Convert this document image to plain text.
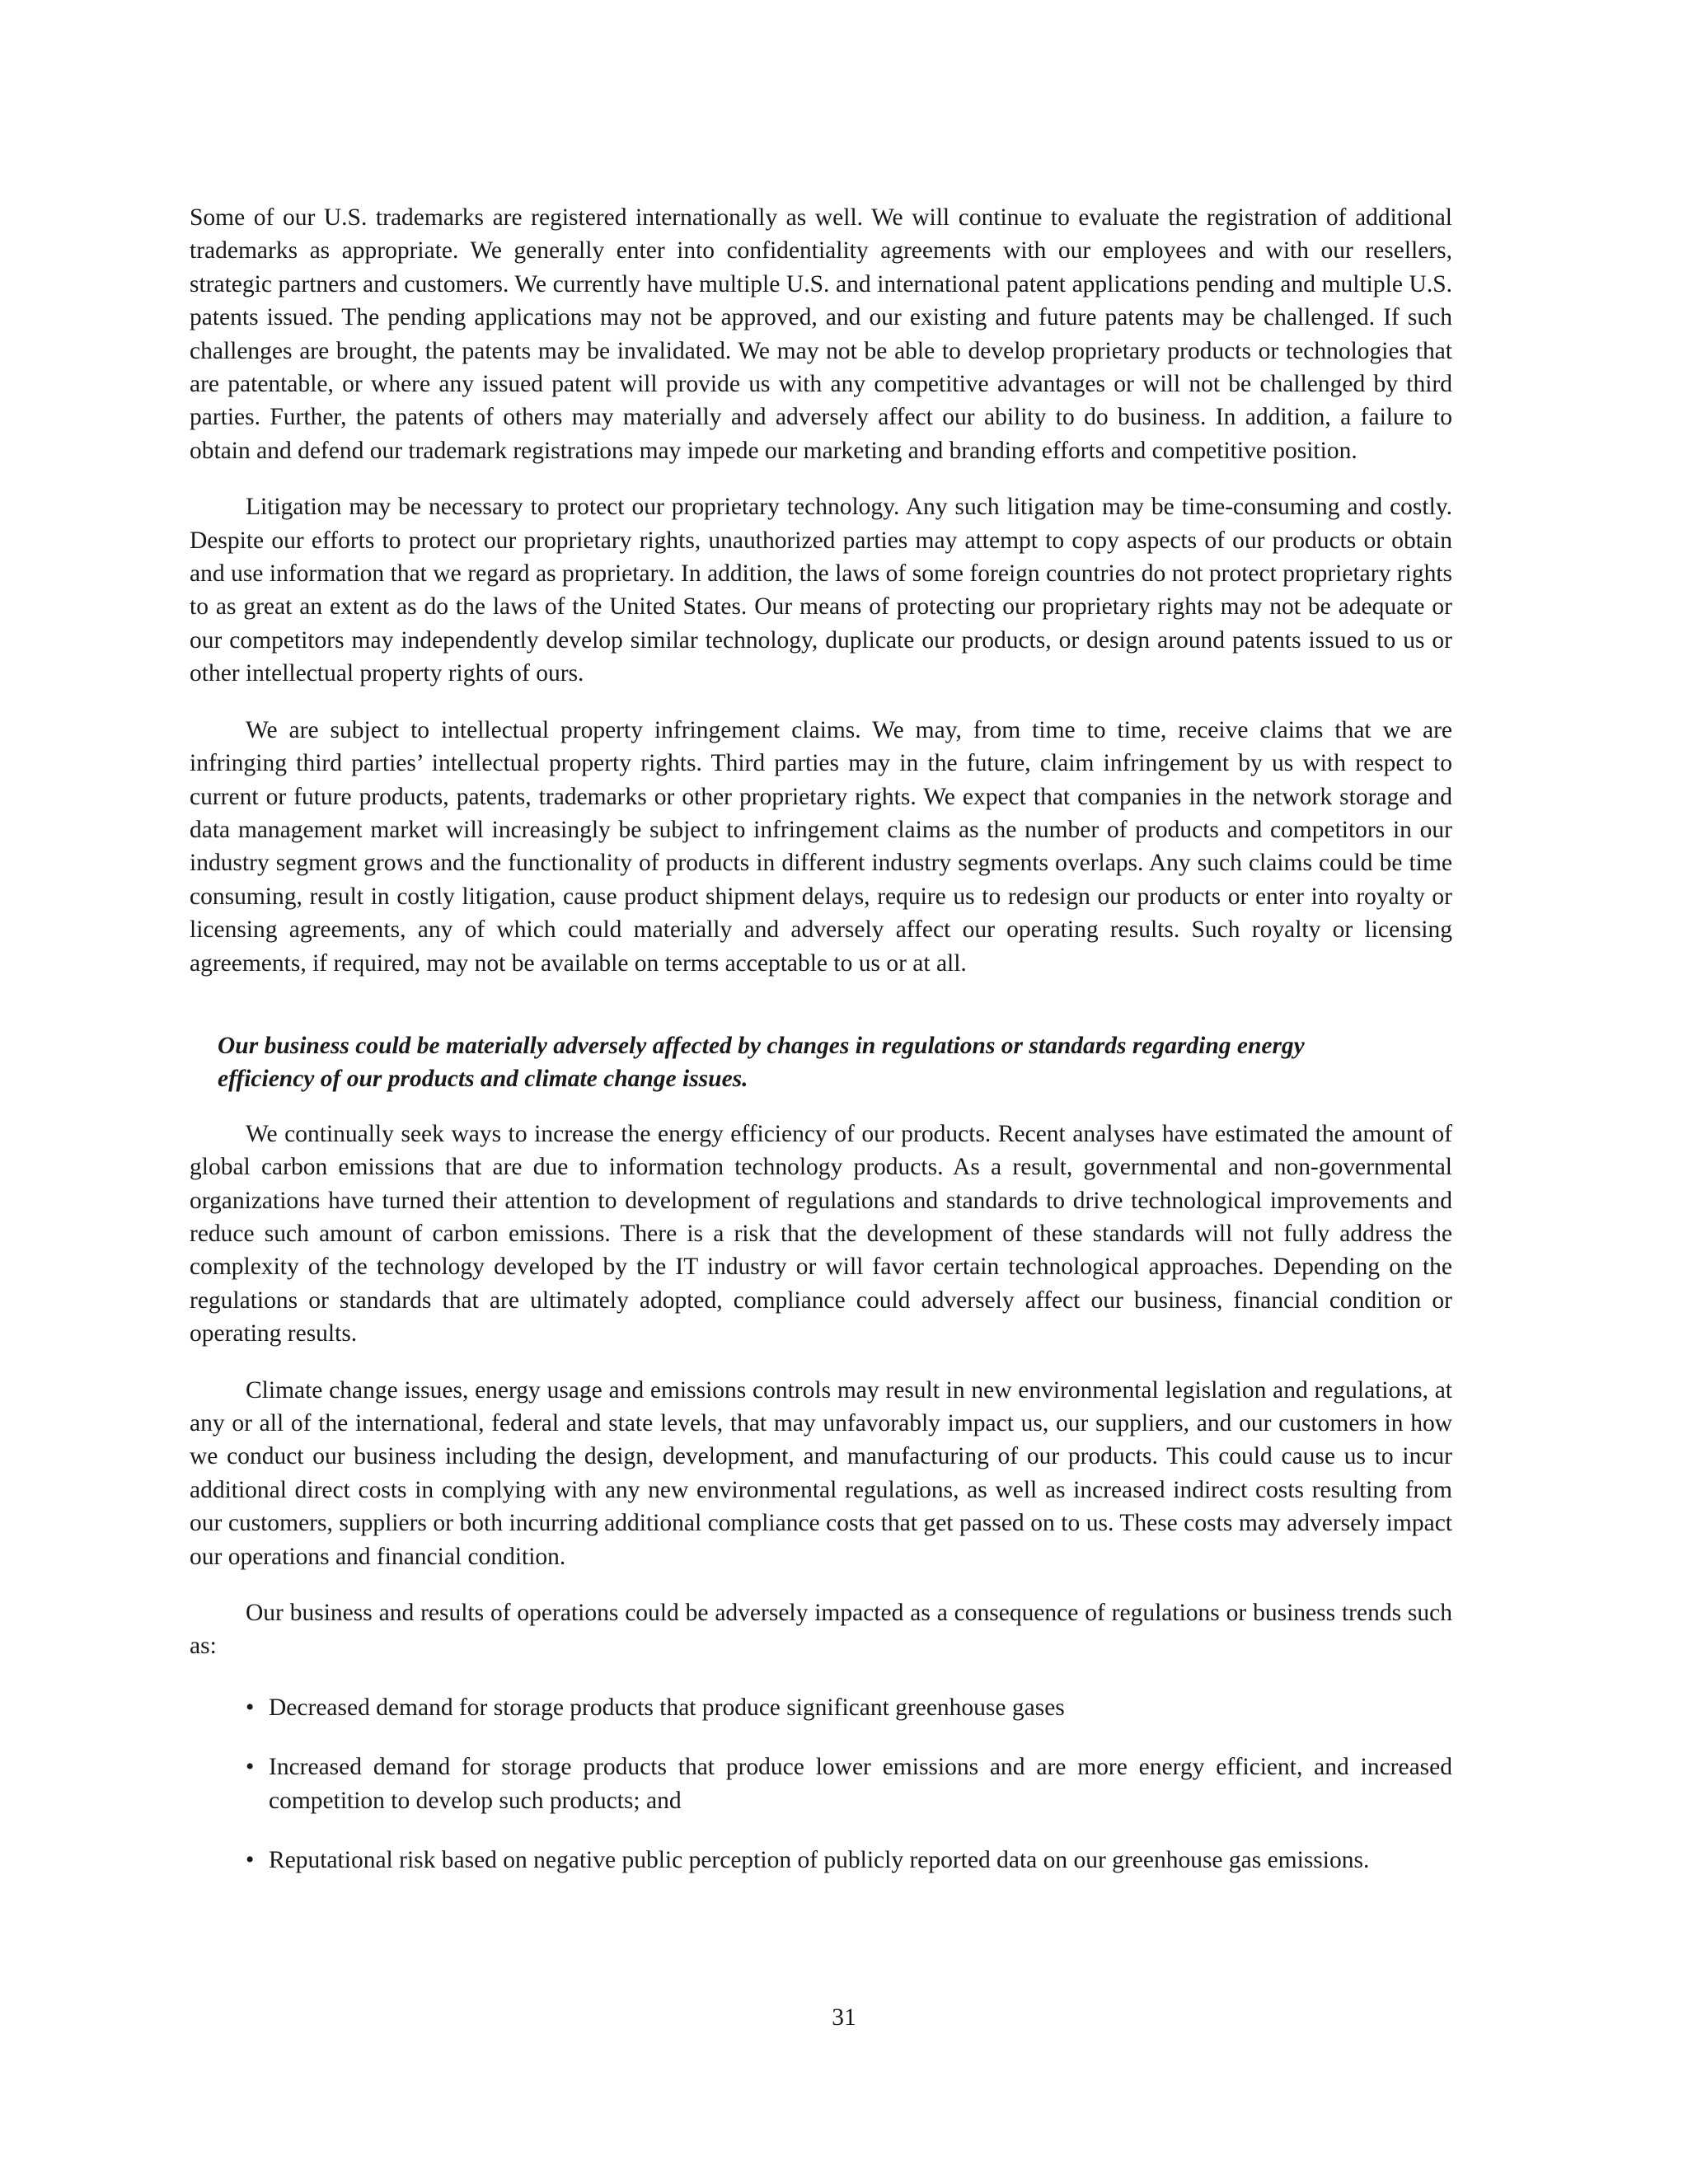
Some of our U.S. trademarks are registered internationally as well. We will continue to evaluate the registration of additional trademarks as appropriate. We generally enter into confidentiality agreements with our employees and with our resellers, strategic partners and customers. We currently have multiple U.S. and international patent applications pending and multiple U.S. patents issued. The pending applications may not be approved, and our existing and future patents may be challenged. If such challenges are brought, the patents may be invalidated. We may not be able to develop proprietary products or technologies that are patentable, or where any issued patent will provide us with any competitive advantages or will not be challenged by third parties. Further, the patents of others may materially and adversely affect our ability to do business. In addition, a failure to obtain and defend our trademark registrations may impede our marketing and branding efforts and competitive position.

Litigation may be necessary to protect our proprietary technology. Any such litigation may be time-consuming and costly. Despite our efforts to protect our proprietary rights, unauthorized parties may attempt to copy aspects of our products or obtain and use information that we regard as proprietary. In addition, the laws of some foreign countries do not protect proprietary rights to as great an extent as do the laws of the United States. Our means of protecting our proprietary rights may not be adequate or our competitors may independently develop similar technology, duplicate our products, or design around patents issued to us or other intellectual property rights of ours.

We are subject to intellectual property infringement claims. We may, from time to time, receive claims that we are infringing third parties’ intellectual property rights. Third parties may in the future, claim infringement by us with respect to current or future products, patents, trademarks or other proprietary rights. We expect that companies in the network storage and data management market will increasingly be subject to infringement claims as the number of products and competitors in our industry segment grows and the functionality of products in different industry segments overlaps. Any such claims could be time consuming, result in costly litigation, cause product shipment delays, require us to redesign our products or enter into royalty or licensing agreements, any of which could materially and adversely affect our operating results. Such royalty or licensing agreements, if required, may not be available on terms acceptable to us or at all.

Our business could be materially adversely affected by changes in regulations or standards regarding energy efficiency of our products and climate change issues.

We continually seek ways to increase the energy efficiency of our products. Recent analyses have estimated the amount of global carbon emissions that are due to information technology products. As a result, governmental and non-governmental organizations have turned their attention to development of regulations and standards to drive technological improvements and reduce such amount of carbon emissions. There is a risk that the development of these standards will not fully address the complexity of the technology developed by the IT industry or will favor certain technological approaches. Depending on the regulations or standards that are ultimately adopted, compliance could adversely affect our business, financial condition or operating results.

Climate change issues, energy usage and emissions controls may result in new environmental legislation and regulations, at any or all of the international, federal and state levels, that may unfavorably impact us, our suppliers, and our customers in how we conduct our business including the design, development, and manufacturing of our products. This could cause us to incur additional direct costs in complying with any new environmental regulations, as well as increased indirect costs resulting from our customers, suppliers or both incurring additional compliance costs that get passed on to us. These costs may adversely impact our operations and financial condition.

Our business and results of operations could be adversely impacted as a consequence of regulations or business trends such as:

• Decreased demand for storage products that produce significant greenhouse gases
• Increased demand for storage products that produce lower emissions and are more energy efficient, and increased competition to develop such products; and
• Reputational risk based on negative public perception of publicly reported data on our greenhouse gas emissions.
31
